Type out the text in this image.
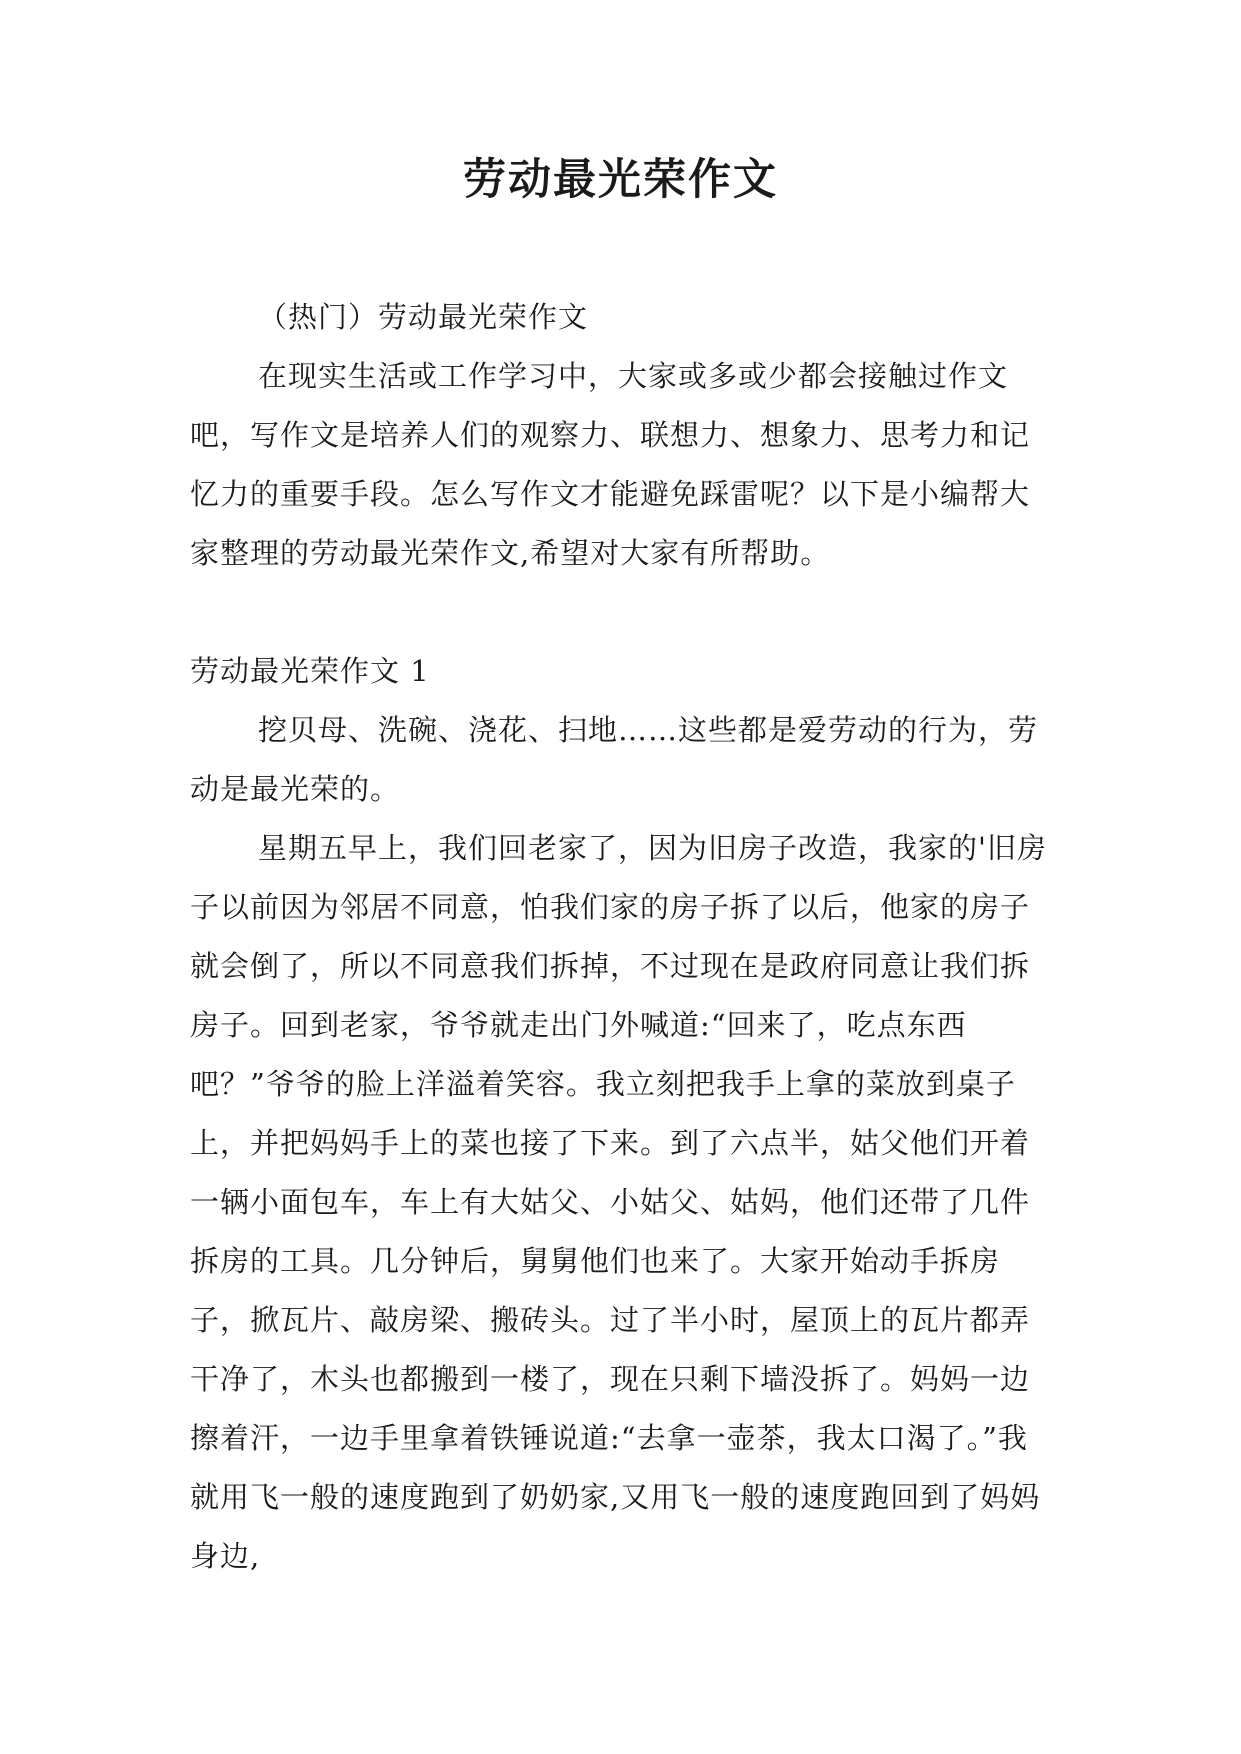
劳动最光荣作文

（热门）劳动最光荣作文

在现实生活或工作学习中，大家或多或少都会接触过作文吧，写作文是培养人们的观察力、联想力、想象力、思考力和记忆力的重要手段。怎么写作文才能避免踩雷呢？以下是小编帮大家整理的劳动最光荣作文,希望对大家有所帮助。

劳动最光荣作文 1

挖贝母、洗碗、浇花、扫地……这些都是爱劳动的行为，劳动是最光荣的。

星期五早上，我们回老家了，因为旧房子改造，我家的'旧房子以前因为邻居不同意，怕我们家的房子拆了以后，他家的房子就会倒了，所以不同意我们拆掉，不过现在是政府同意让我们拆房子。回到老家，爷爷就走出门外喊道:“回来了，吃点东西吧？”爷爷的脸上洋溢着笑容。我立刻把我手上拿的菜放到桌子上，并把妈妈手上的菜也接了下来。到了六点半，姑父他们开着一辆小面包车，车上有大姑父、小姑父、姑妈，他们还带了几件拆房的工具。几分钟后，舅舅他们也来了。大家开始动手拆房子，掀瓦片、敲房梁、搬砖头。过了半小时，屋顶上的瓦片都弄干净了，木头也都搬到一楼了，现在只剩下墙没拆了。妈妈一边擦着汗，一边手里拿着铁锤说道:“去拿一壶茶，我太口渴了。”我就用飞一般的速度跑到了奶奶家,又用飞一般的速度跑回到了妈妈身边,
